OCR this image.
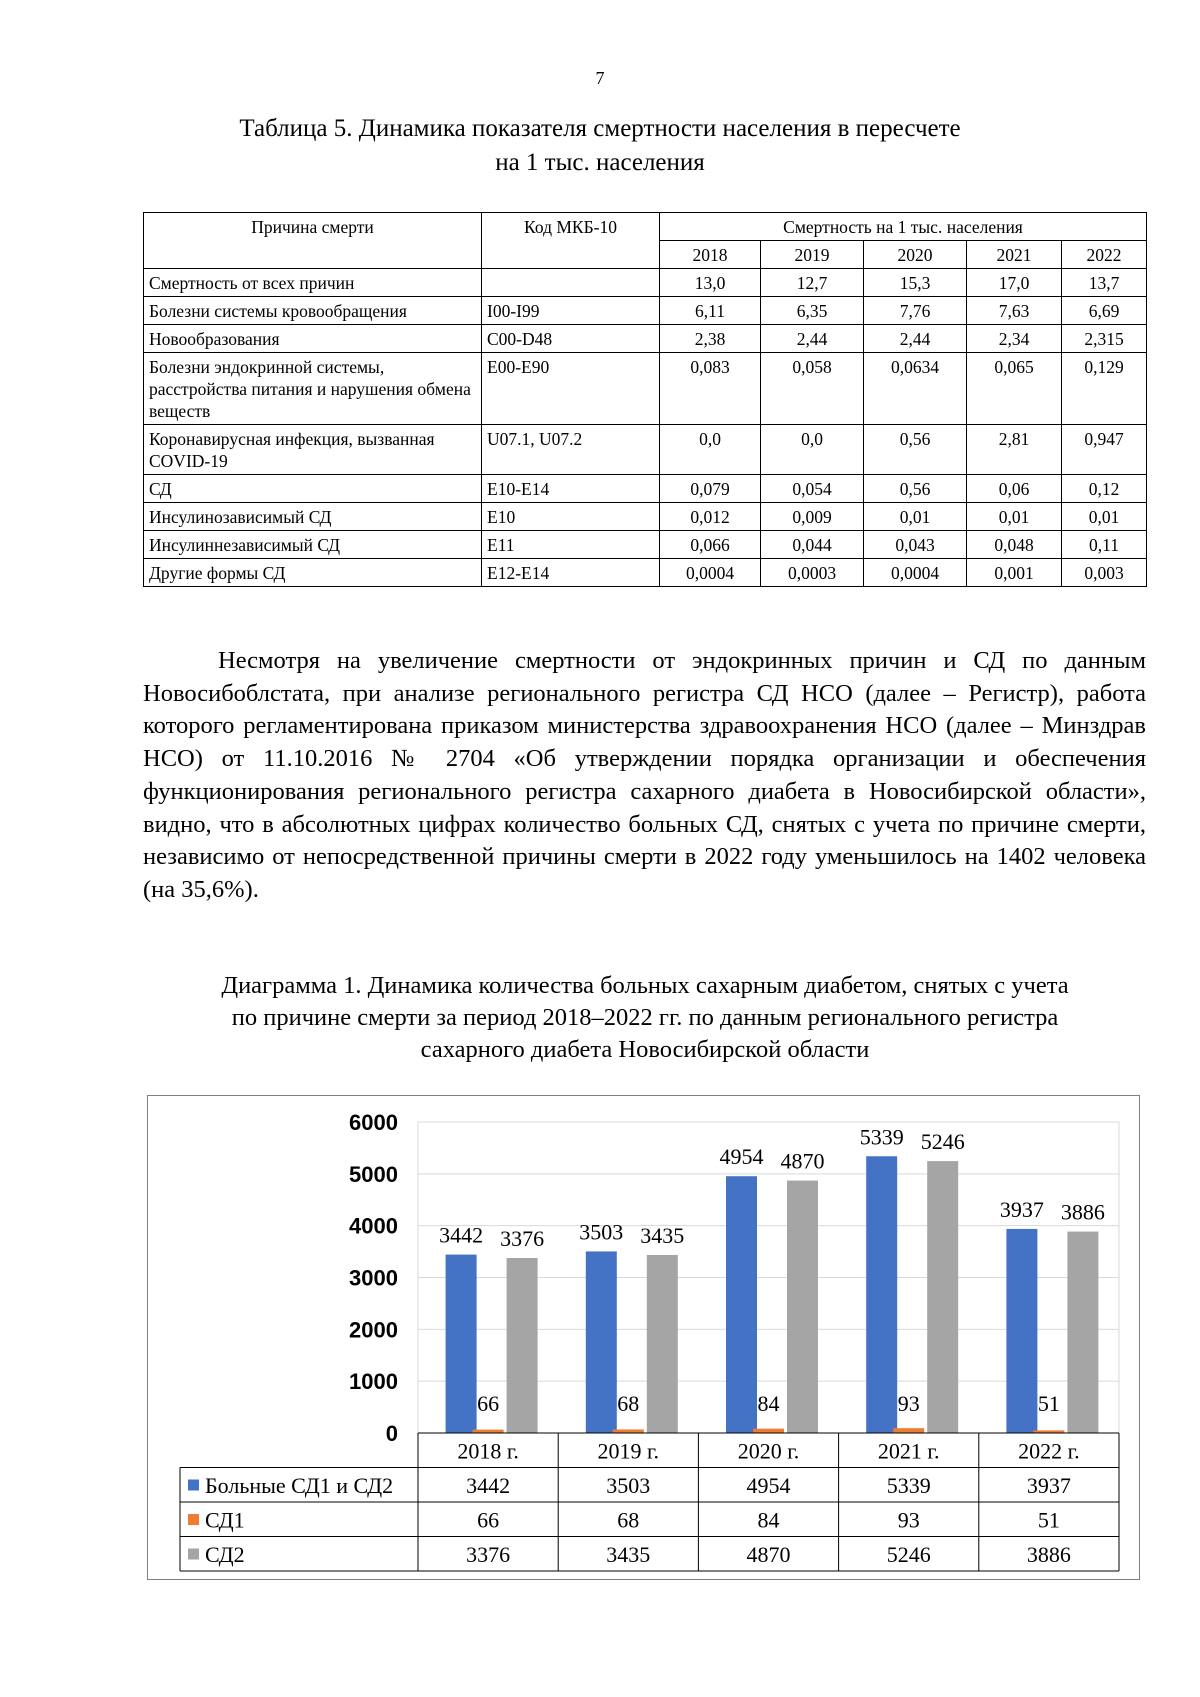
7
Таблица 5. Динамика показателя смертности населения в пересчете
на 1 тыс. населения
Причина смерти	Код МКБ-10	Смертность на 1 тыс. населения				
		2018	2019	2020	2021	2022
Смертность от всех причин		13,0	12,7	15,3	17,0	13,7
Болезни системы кровообращения	I00-I99	6,11	6,35	7,76	7,63	6,69
Новообразования	C00-D48	2,38	2,44	2,44	2,34	2,315
Болезни эндокринной системы, расстройства питания и нарушения обмена веществ	E00-E90	0,083	0,058	0,0634	0,065	0,129
Коронавирусная инфекция, вызванная COVID-19	U07.1, U07.2	0,0	0,0	0,56	2,81	0,947
СД	E10-E14	0,079	0,054	0,56	0,06	0,12
Инсулинозависимый СД	E10	0,012	0,009	0,01	0,01	0,01
Инсулиннезависимый СД	E11	0,066	0,044	0,043	0,048	0,11
Другие формы СД	E12-E14	0,0004	0,0003	0,0004	0,001	0,003

Несмотря на увеличение смертности от эндокринных причин и СД по данным Новосибоблстата, при анализе регионального регистра СД НСО (далее – Регистр), работа которого регламентирована приказом министерства здравоохранения НСО (далее – Минздрав НСО) от 11.10.2016 № 2704 «Об утверждении порядка организации и обеспечения функционирования регионального регистра сахарного диабета в Новосибирской области», видно, что в абсолютных цифрах количество больных СД, снятых с учета по причине смерти, независимо от непосредственной причины смерти в 2022 году уменьшилось на 1402 человека (на 35,6%).

Диаграмма 1. Динамика количества больных сахарным диабетом, снятых с учета
по причине смерти за период 2018–2022 гг. по данным регионального регистра
сахарного диабета Новосибирской области
0
1000
2000
3000
4000
5000
6000
3442	3503
4954
5339
3937
66	68	84	93	51
3376	3435
4870
5246
3886
2018 г.	2019 г.	2020 г.	2021 г.	2022 г.
Больные СД1 и СД2	3442	3503	4954	5339	3937
СД1	66	68	84	93	51
СД2	3376	3435	4870	5246	3886
